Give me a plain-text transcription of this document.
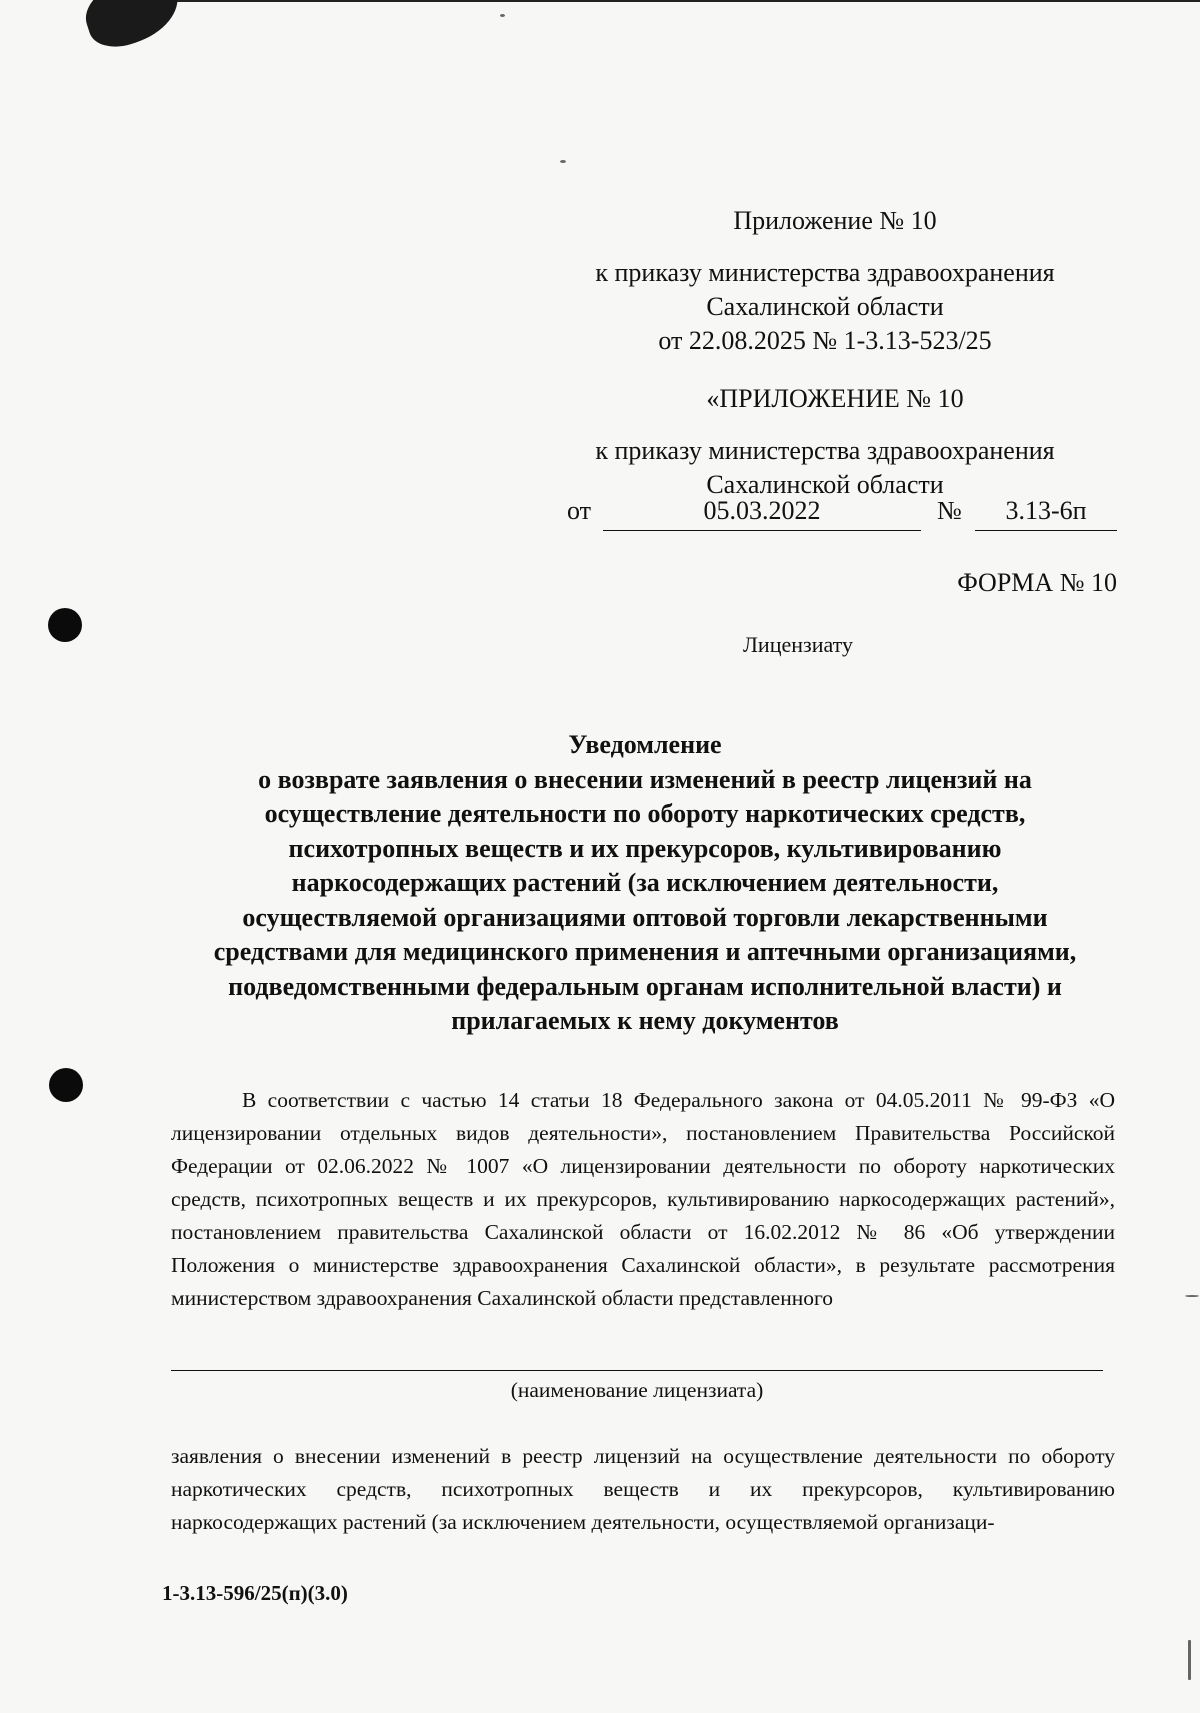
Приложение № 10
к приказу министерства здравоохранения
Сахалинской области
от 22.08.2025 № 1-3.13-523/25
«ПРИЛОЖЕНИЕ № 10
к приказу министерства здравоохранения
Сахалинской области
от	05.03.2022	№	3.13-6п
ФОРМА № 10
Лицензиату
Уведомление
о возврате заявления о внесении изменений в реестр лицензий на
осуществление деятельности по обороту наркотических средств,
психотропных веществ и их прекурсоров, культивированию
наркосодержащих растений (за исключением деятельности,
осуществляемой организациями оптовой торговли лекарственными
средствами для медицинского применения и аптечными организациями,
подведомственными федеральным органам исполнительной власти) и
прилагаемых к нему документов
В соответствии с частью 14 статьи 18 Федерального закона от 04.05.2011 № 99-ФЗ «О лицензировании отдельных видов деятельности», постановлением Правительства Российской Федерации от 02.06.2022 № 1007 «О лицензировании деятельности по обороту наркотических средств, психотропных веществ и их прекурсоров, культивированию наркосодержащих растений», постановлением правительства Сахалинской области от 16.02.2012 № 86 «Об утверждении Положения о министерстве здравоохранения Сахалинской области», в результате рассмотрения министерством здравоохранения Сахалинской области представленного
(наименование лицензиата)
заявления о внесении изменений в реестр лицензий на осуществление деятельности по обороту наркотических средств, психотропных веществ и их прекурсоров, культивированию наркосодержащих растений (за исключением деятельности, осуществляемой организаци-
1-3.13-596/25(п)(3.0)
